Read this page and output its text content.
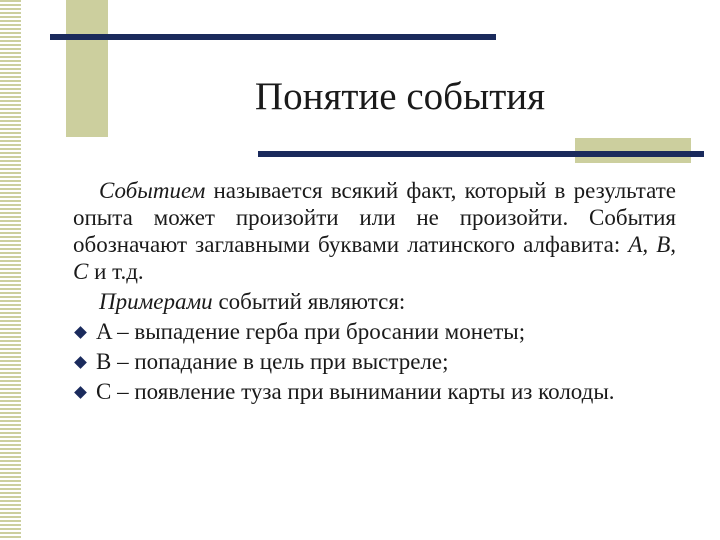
Понятие события

Событием называется всякий факт, который в результате опыта может произойти или не произойти. События обозначают заглавными буквами латинского алфавита: A, B, C и т.д.

Примерами событий являются:

A – выпадение герба при бросании монеты;

B – попадание в цель при выстреле;

C – появление туза при вынимании карты из колоды.
